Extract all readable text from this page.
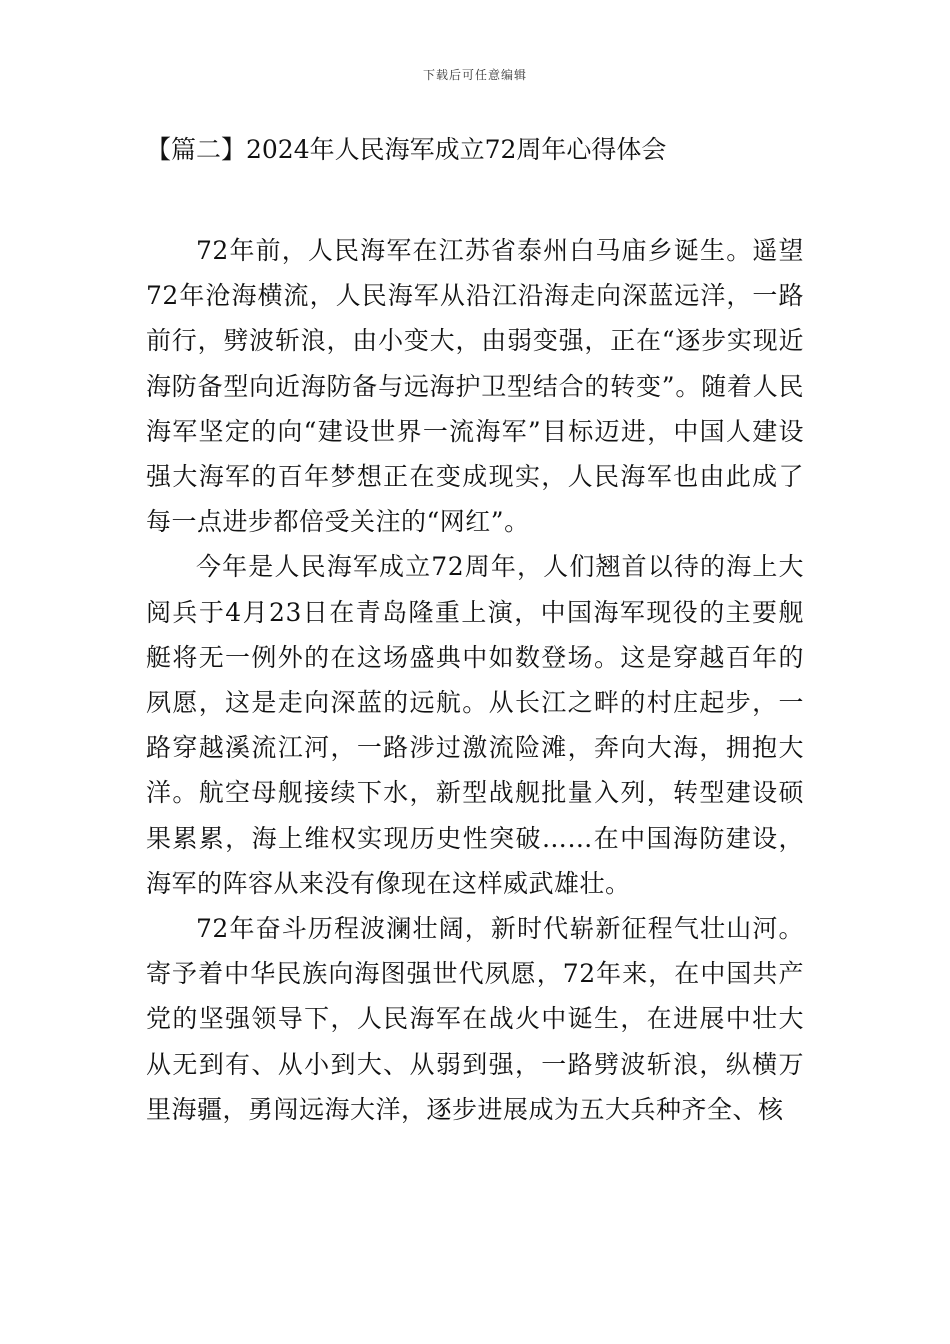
下载后可任意编辑
【篇二】2024年人民海军成立72周年心得体会

72年前，人民海军在江苏省泰州白马庙乡诞生。遥望72年沧海横流，人民海军从沿江沿海走向深蓝远洋，一路前行，劈波斩浪，由小变大，由弱变强，正在“逐步实现近海防备型向近海防备与远海护卫型结合的转变”。随着人民海军坚定的向“建设世界一流海军”目标迈进，中国人建设强大海军的百年梦想正在变成现实，人民海军也由此成了每一点进步都倍受关注的“网红”。

今年是人民海军成立72周年，人们翘首以待的海上大阅兵于4月23日在青岛隆重上演，中国海军现役的主要舰艇将无一例外的在这场盛典中如数登场。这是穿越百年的夙愿，这是走向深蓝的远航。从长江之畔的村庄起步，一路穿越溪流江河，一路涉过激流险滩，奔向大海，拥抱大洋。航空母舰接续下水，新型战舰批量入列，转型建设硕果累累，海上维权实现历史性突破……在中国海防建设，海军的阵容从来没有像现在这样威武雄壮。

72年奋斗历程波澜壮阔，新时代崭新征程气壮山河。寄予着中华民族向海图强世代夙愿，72年来，在中国共产党的坚强领导下，人民海军在战火中诞生，在进展中壮大从无到有、从小到大、从弱到强，一路劈波斩浪，纵横万里海疆，勇闯远海大洋，逐步进展成为五大兵种齐全、核
